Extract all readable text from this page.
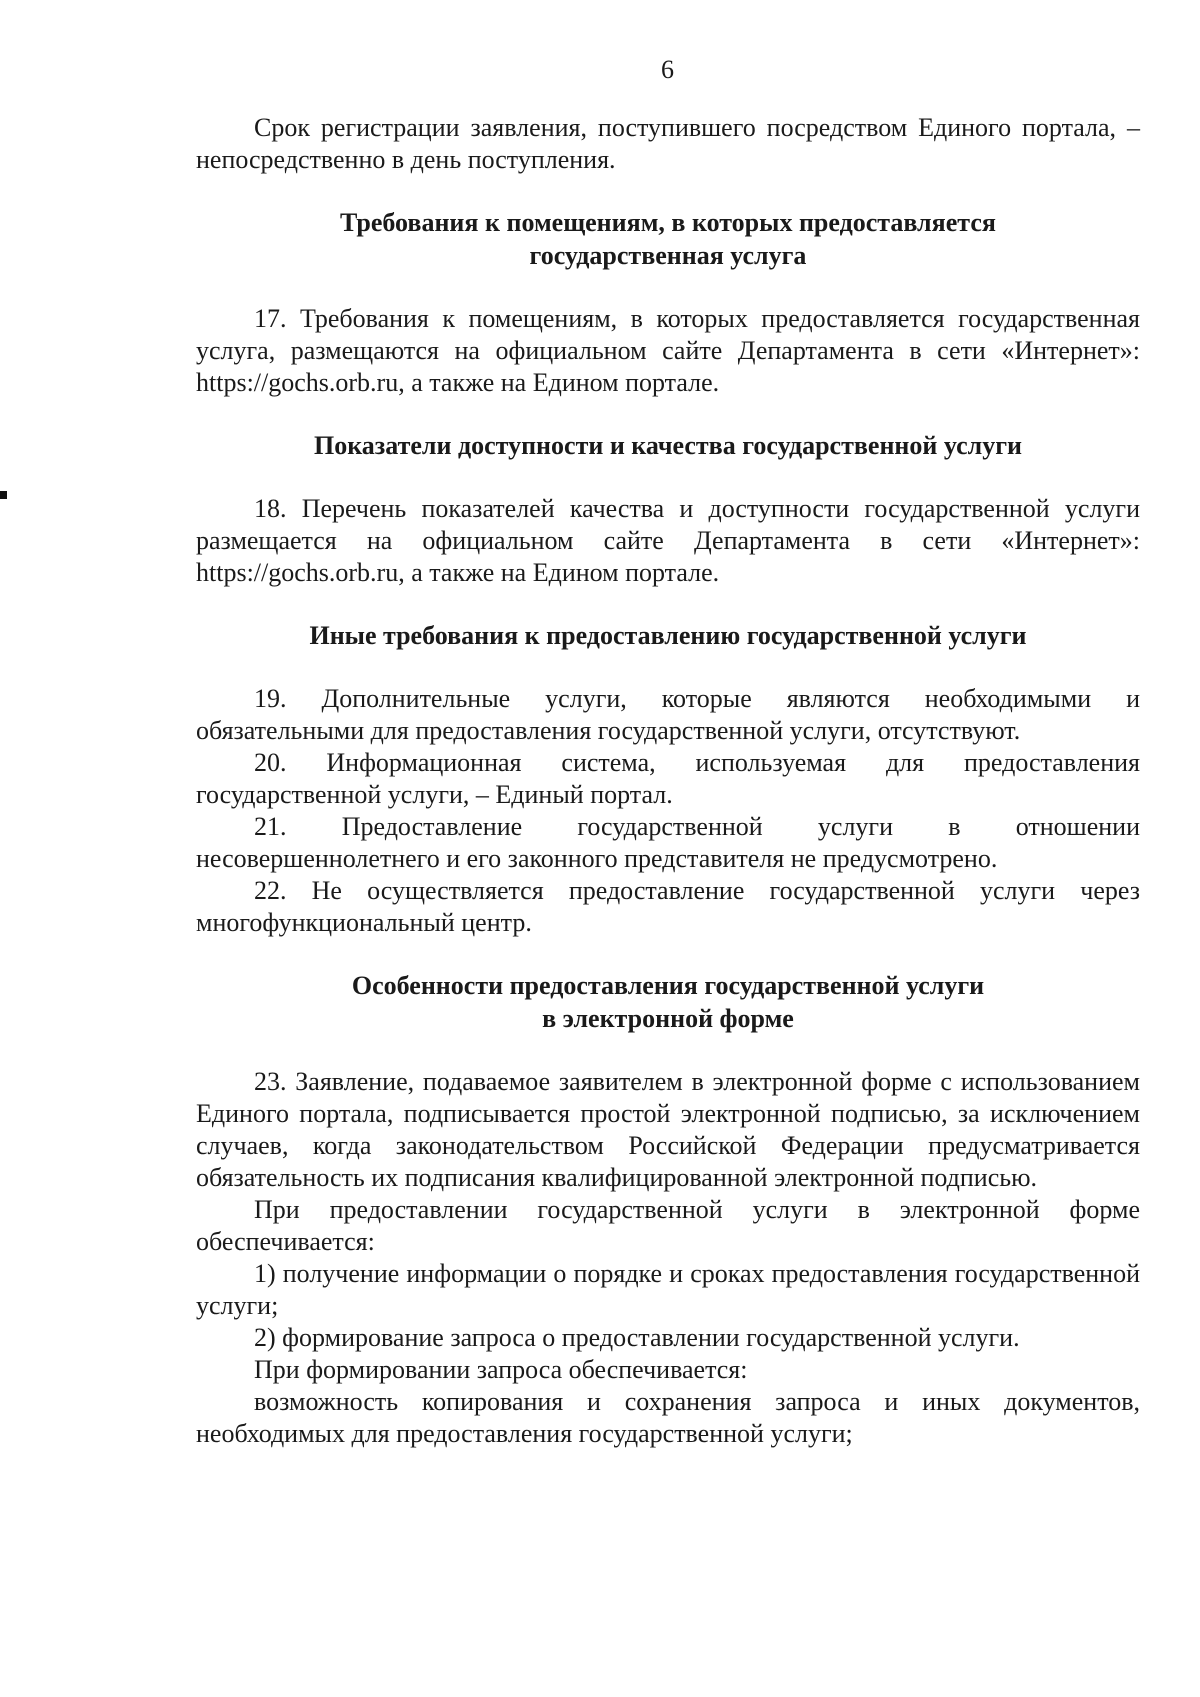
6

Срок регистрации заявления, поступившего посредством Единого портала, – непосредственно в день поступления.

Требования к помещениям, в которых предоставляется
государственная услуга

17. Требования к помещениям, в которых предоставляется государственная услуга, размещаются на официальном сайте Департамента в сети «Интернет»: https://gochs.orb.ru, а также на Едином портале.

Показатели доступности и качества государственной услуги

18. Перечень показателей качества и доступности государственной услуги размещается на официальном сайте Департамента в сети «Интернет»: https://gochs.orb.ru, а также на Едином портале.

Иные требования к предоставлению государственной услуги

19. Дополнительные услуги, которые являются необходимыми и обязательными для предоставления государственной услуги, отсутствуют.

20. Информационная система, используемая для предоставления государственной услуги, – Единый портал.

21. Предоставление государственной услуги в отношении несовершеннолетнего и его законного представителя не предусмотрено.

22. Не осуществляется предоставление государственной услуги через многофункциональный центр.

Особенности предоставления государственной услуги
в электронной форме

23. Заявление, подаваемое заявителем в электронной форме с использованием Единого портала, подписывается простой электронной подписью, за исключением случаев, когда законодательством Российской Федерации предусматривается обязательность их подписания квалифицированной электронной подписью.

При предоставлении государственной услуги в электронной форме обеспечивается:

1) получение информации о порядке и сроках предоставления государственной услуги;

2) формирование запроса о предоставлении государственной услуги.

При формировании запроса обеспечивается:

возможность копирования и сохранения запроса и иных документов, необходимых для предоставления государственной услуги;
